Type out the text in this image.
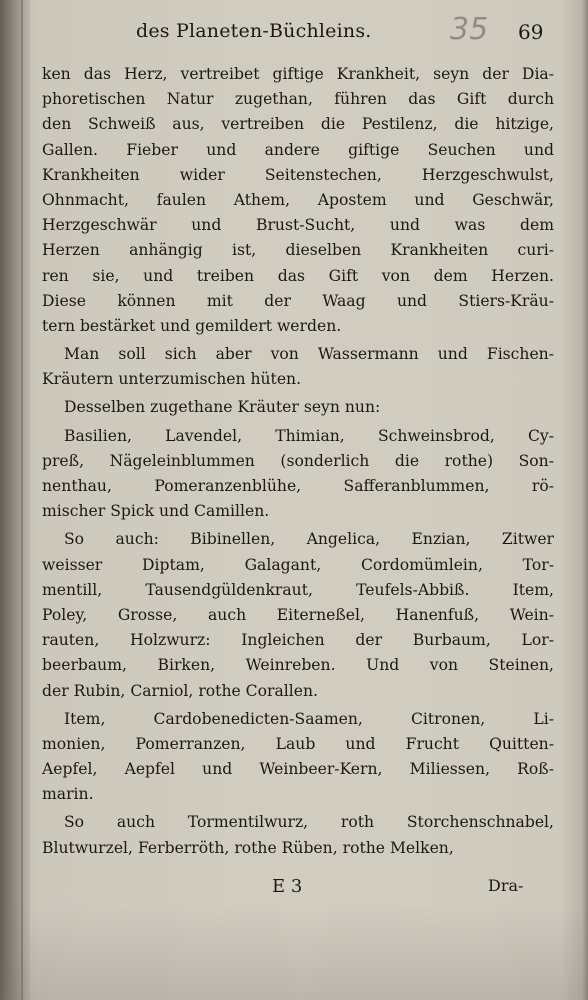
des Planeten-Büchleins.	35 69
ken das Herz, vertreibet giftige Krankheit, seyn der Dia-
phoretischen Natur zugethan, führen das Gift durch
den Schweiß aus, vertreiben die Pestilenz, die hitzige,
Gallen. Fieber und andere giftige Seuchen und
Krankheiten wider Seitenstechen, Herzgeschwulst,
Ohnmacht, faulen Athem, Apostem und Geschwär,
Herzgeschwär und Brust-Sucht, und was dem
Herzen anhängig ist, dieselben Krankheiten curi-
ren sie, und treiben das Gift von dem Herzen.
Diese können mit der Waag und Stiers-Kräu-
tern bestärket und gemildert werden.
Man soll sich aber von Wassermann und Fischen-
Kräutern unterzumischen hüten.
Desselben zugethane Kräuter seyn nun:
Basilien, Lavendel, Thimian, Schweinsbrod, Cy-
preß, Nägeleinblummen (sonderlich die rothe) Son-
nenthau, Pomeranzenblühe, Safferanblummen, rö-
mischer Spick und Camillen.
So auch: Bibinellen, Angelica, Enzian, Zitwer
weisser Diptam, Galagant, Cordomümlein, Tor-
mentill, Tausendgüldenkraut, Teufels-Abbiß. Item,
Poley, Grosse, auch Eiterneßel, Hanenfuß, Wein-
rauten, Holzwurz: Ingleichen der Burbaum, Lor-
beerbaum, Birken, Weinreben. Und von Steinen,
der Rubin, Carniol, rothe Corallen.
Item, Cardobenedicten-Saamen, Citronen, Li-
monien, Pomerranzen, Laub und Frucht Quitten-
Aepfel, Aepfel und Weinbeer-Kern, Miliessen, Roß-
marin.
So auch Tormentilwurz, roth Storchenschnabel,
Blutwurzel, Ferberröth, rothe Rüben, rothe Melken,
E 3	Dra-
